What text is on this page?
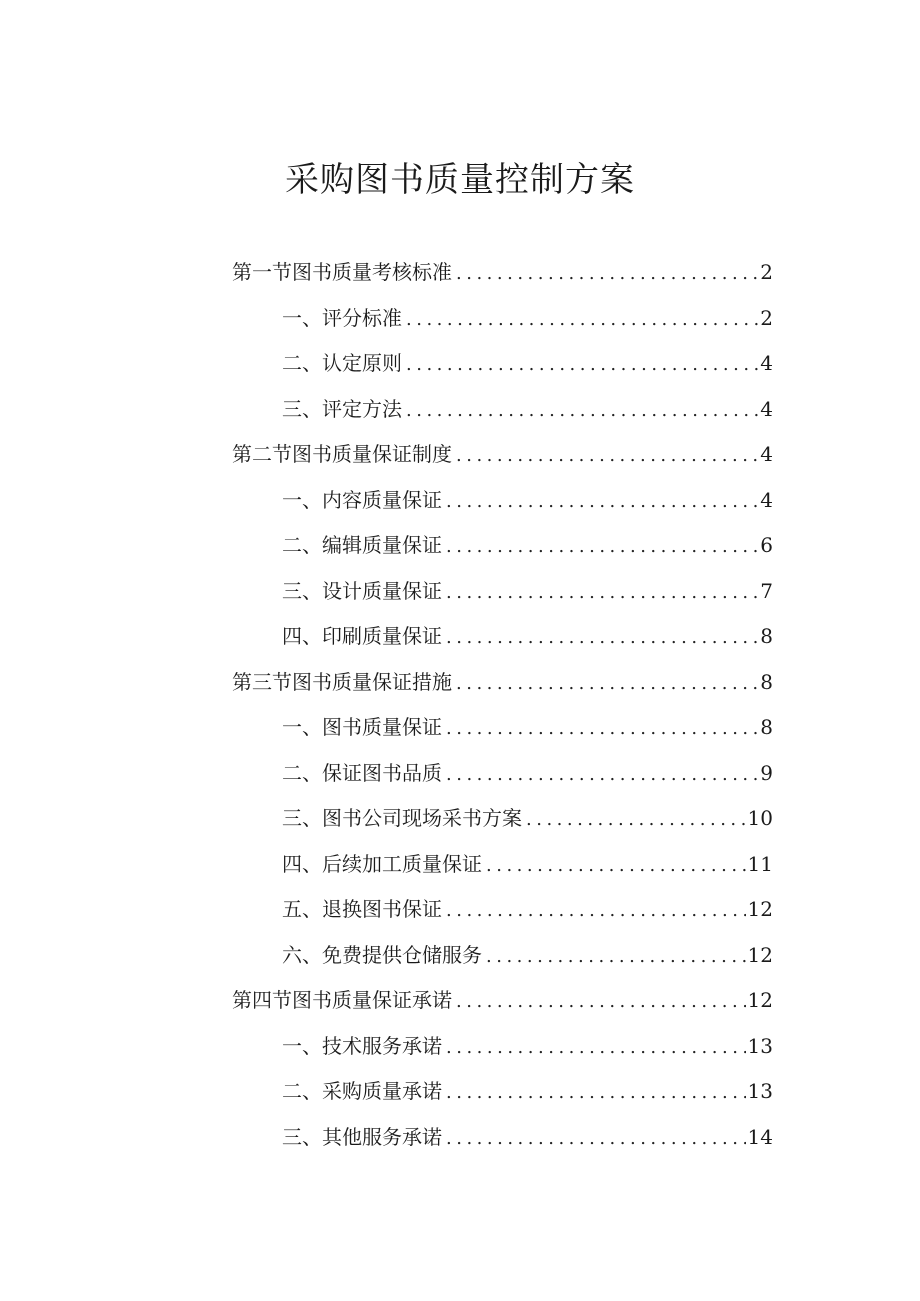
采购图书质量控制方案
第一节图书质量考核标准 .....	2
一、评分标准 .....	2
二、认定原则 .....	4
三、评定方法 .....	4
第二节图书质量保证制度 .....	4
一、内容质量保证 .....	4
二、编辑质量保证 .....	6
三、设计质量保证 .....	7
四、印刷质量保证 .....	8
第三节图书质量保证措施 .....	8
一、图书质量保证 .....	8
二、保证图书品质 .....	9
三、图书公司现场采书方案 .....	10
四、后续加工质量保证 .....	11
五、退换图书保证 .....	12
六、免费提供仓储服务 .....	12
第四节图书质量保证承诺 .....	12
一、技术服务承诺 .....	13
二、采购质量承诺 .....	13
三、其他服务承诺 .....	14
